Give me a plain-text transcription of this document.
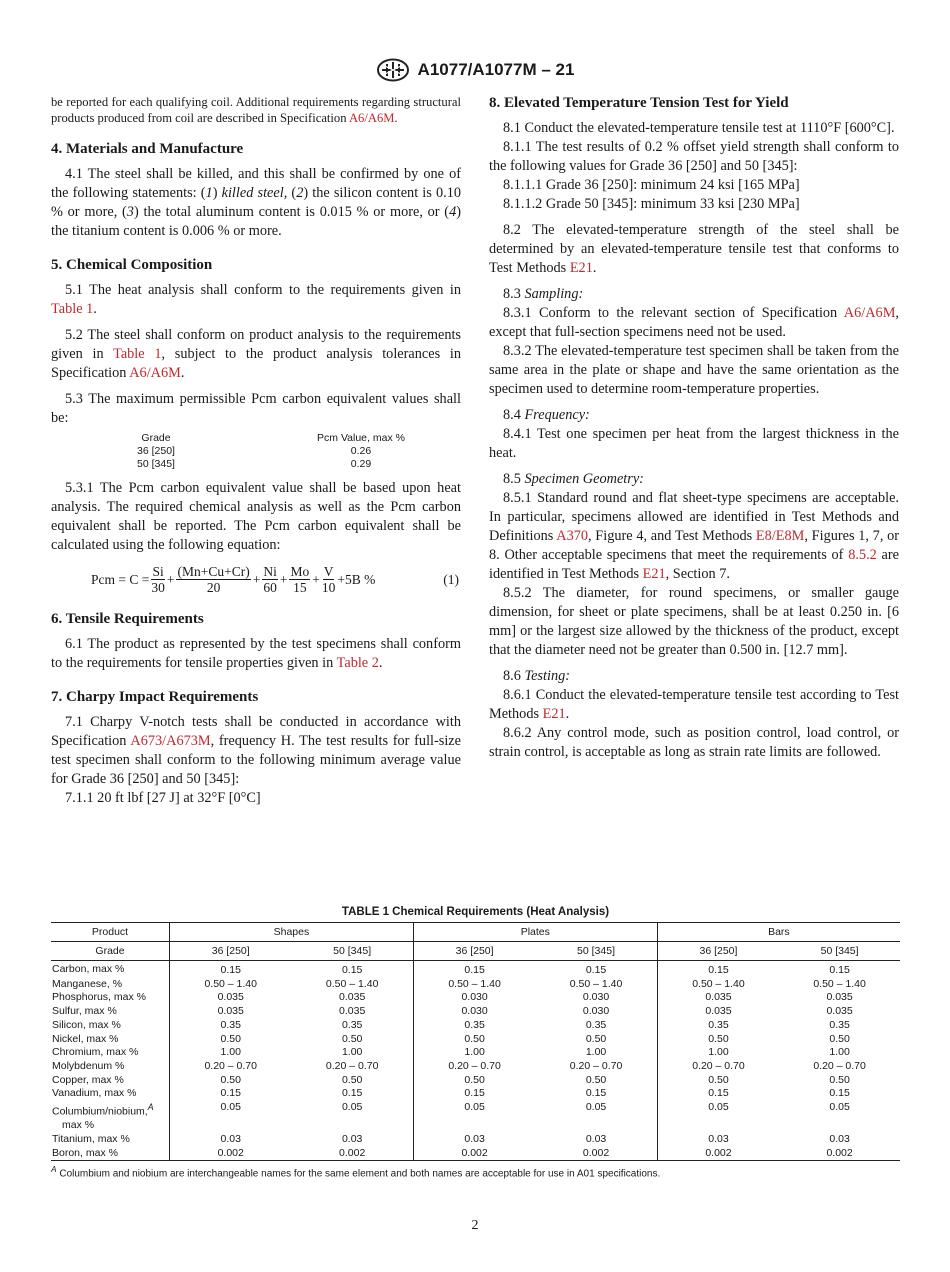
A1077/A1077M – 21

be reported for each qualifying coil. Additional requirements regarding structural products produced from coil are described in Specification A6/A6M.

4. Materials and Manufacture

4.1 The steel shall be killed, and this shall be confirmed by one of the following statements: (1) killed steel, (2) the silicon content is 0.10 % or more, (3) the total aluminum content is 0.015 % or more, or (4) the titanium content is 0.006 % or more.

5. Chemical Composition

5.1 The heat analysis shall conform to the requirements given in Table 1.

5.2 The steel shall conform on product analysis to the requirements given in Table 1, subject to the product analysis tolerances in Specification A6/A6M.

5.3 The maximum permissible Pcm carbon equivalent values shall be:

Grade	Pcm Value, max %
36 [250]	0.26
50 [345]	0.29

5.3.1 The Pcm carbon equivalent value shall be based upon heat analysis. The required chemical analysis as well as the Pcm carbon equivalent shall be reported. The Pcm carbon equivalent shall be calculated using the following equation:

Pcm = $C = \frac{Si}{30} + \frac{(Mn+Cu+Cr)}{20} + \frac{Ni}{60} + \frac{Mo}{15} + \frac{V}{10} +5B$ %	(1)
6. Tensile Requirements

6.1 The product as represented by the test specimens shall conform to the requirements for tensile properties given in Table 2.

7. Charpy Impact Requirements

7.1 Charpy V-notch tests shall be conducted in accordance with Specification A673/A673M, frequency H. The test results for full-size test specimen shall conform to the following minimum average value for Grade 36 [250] and 50 [345]:

7.1.1 20 ft lbf [27 J] at 32°F [0°C]

8. Elevated Temperature Tension Test for Yield

8.1 Conduct the elevated-temperature tensile test at 1110°F [600°C].

8.1.1 The test results of 0.2 % offset yield strength shall conform to the following values for Grade 36 [250] and 50 [345]:

8.1.1.1 Grade 36 [250]: minimum 24 ksi [165 MPa]

8.1.1.2 Grade 50 [345]: minimum 33 ksi [230 MPa]

8.2 The elevated-temperature strength of the steel shall be determined by an elevated-temperature tensile test that conforms to Test Methods E21.

8.3 Sampling:

8.3.1 Conform to the relevant section of Specification A6/A6M, except that full-section specimens need not be used.

8.3.2 The elevated-temperature test specimen shall be taken from the same area in the plate or shape and have the same orientation as the specimen used to determine room-temperature properties.

8.4 Frequency:

8.4.1 Test one specimen per heat from the largest thickness in the heat.

8.5 Specimen Geometry:

8.5.1 Standard round and flat sheet-type specimens are acceptable. In particular, specimens allowed are identified in Test Methods and Definitions A370, Figure 4, and Test Methods E8/E8M, Figures 1, 7, or 8. Other acceptable specimens that meet the requirements of 8.5.2 are identified in Test Methods E21, Section 7.

8.5.2 The diameter, for round specimens, or smaller gauge dimension, for sheet or plate specimens, shall be at least 0.250 in. [6 mm] or the largest size allowed by the thickness of the product, except that the diameter need not be greater than 0.500 in. [12.7 mm].

8.6 Testing:

8.6.1 Conduct the elevated-temperature tensile test according to Test Methods E21.

8.6.2 Any control mode, such as position control, load control, or strain control, is acceptable as long as strain rate limits are followed.

TABLE 1 Chemical Requirements (Heat Analysis)
Product	Shapes		Plates		Bars	
Grade	36 [250]	50 [345]	36 [250]	50 [345]	36 [250]	50 [345]
Carbon, max %	0.15	0.15	0.15	0.15	0.15	0.15
Manganese, %	0.50 – 1.40	0.50 – 1.40	0.50 – 1.40	0.50 – 1.40	0.50 – 1.40	0.50 – 1.40
Phosphorus, max %	0.035	0.035	0.030	0.030	0.035	0.035
Sulfur, max %	0.035	0.035	0.030	0.030	0.035	0.035
Silicon, max %	0.35	0.35	0.35	0.35	0.35	0.35
Nickel, max %	0.50	0.50	0.50	0.50	0.50	0.50
Chromium, max %	1.00	1.00	1.00	1.00	1.00	1.00
Molybdenum %	0.20 – 0.70	0.20 – 0.70	0.20 – 0.70	0.20 – 0.70	0.20 – 0.70	0.20 – 0.70
Copper, max %	0.50	0.50	0.50	0.50	0.50	0.50
Vanadium, max %	0.15	0.15	0.15	0.15	0.15	0.15
Columbium/niobium,$^A$
max %	0.05	0.05	0.05	0.05	0.05	0.05
Titanium, max %	0.03	0.03	0.03	0.03	0.03	0.03
Boron, max %	0.002	0.002	0.002	0.002	0.002	0.002
$^A$ Columbium and niobium are interchangeable names for the same element and both names are acceptable for use in A01 specifications.
2
